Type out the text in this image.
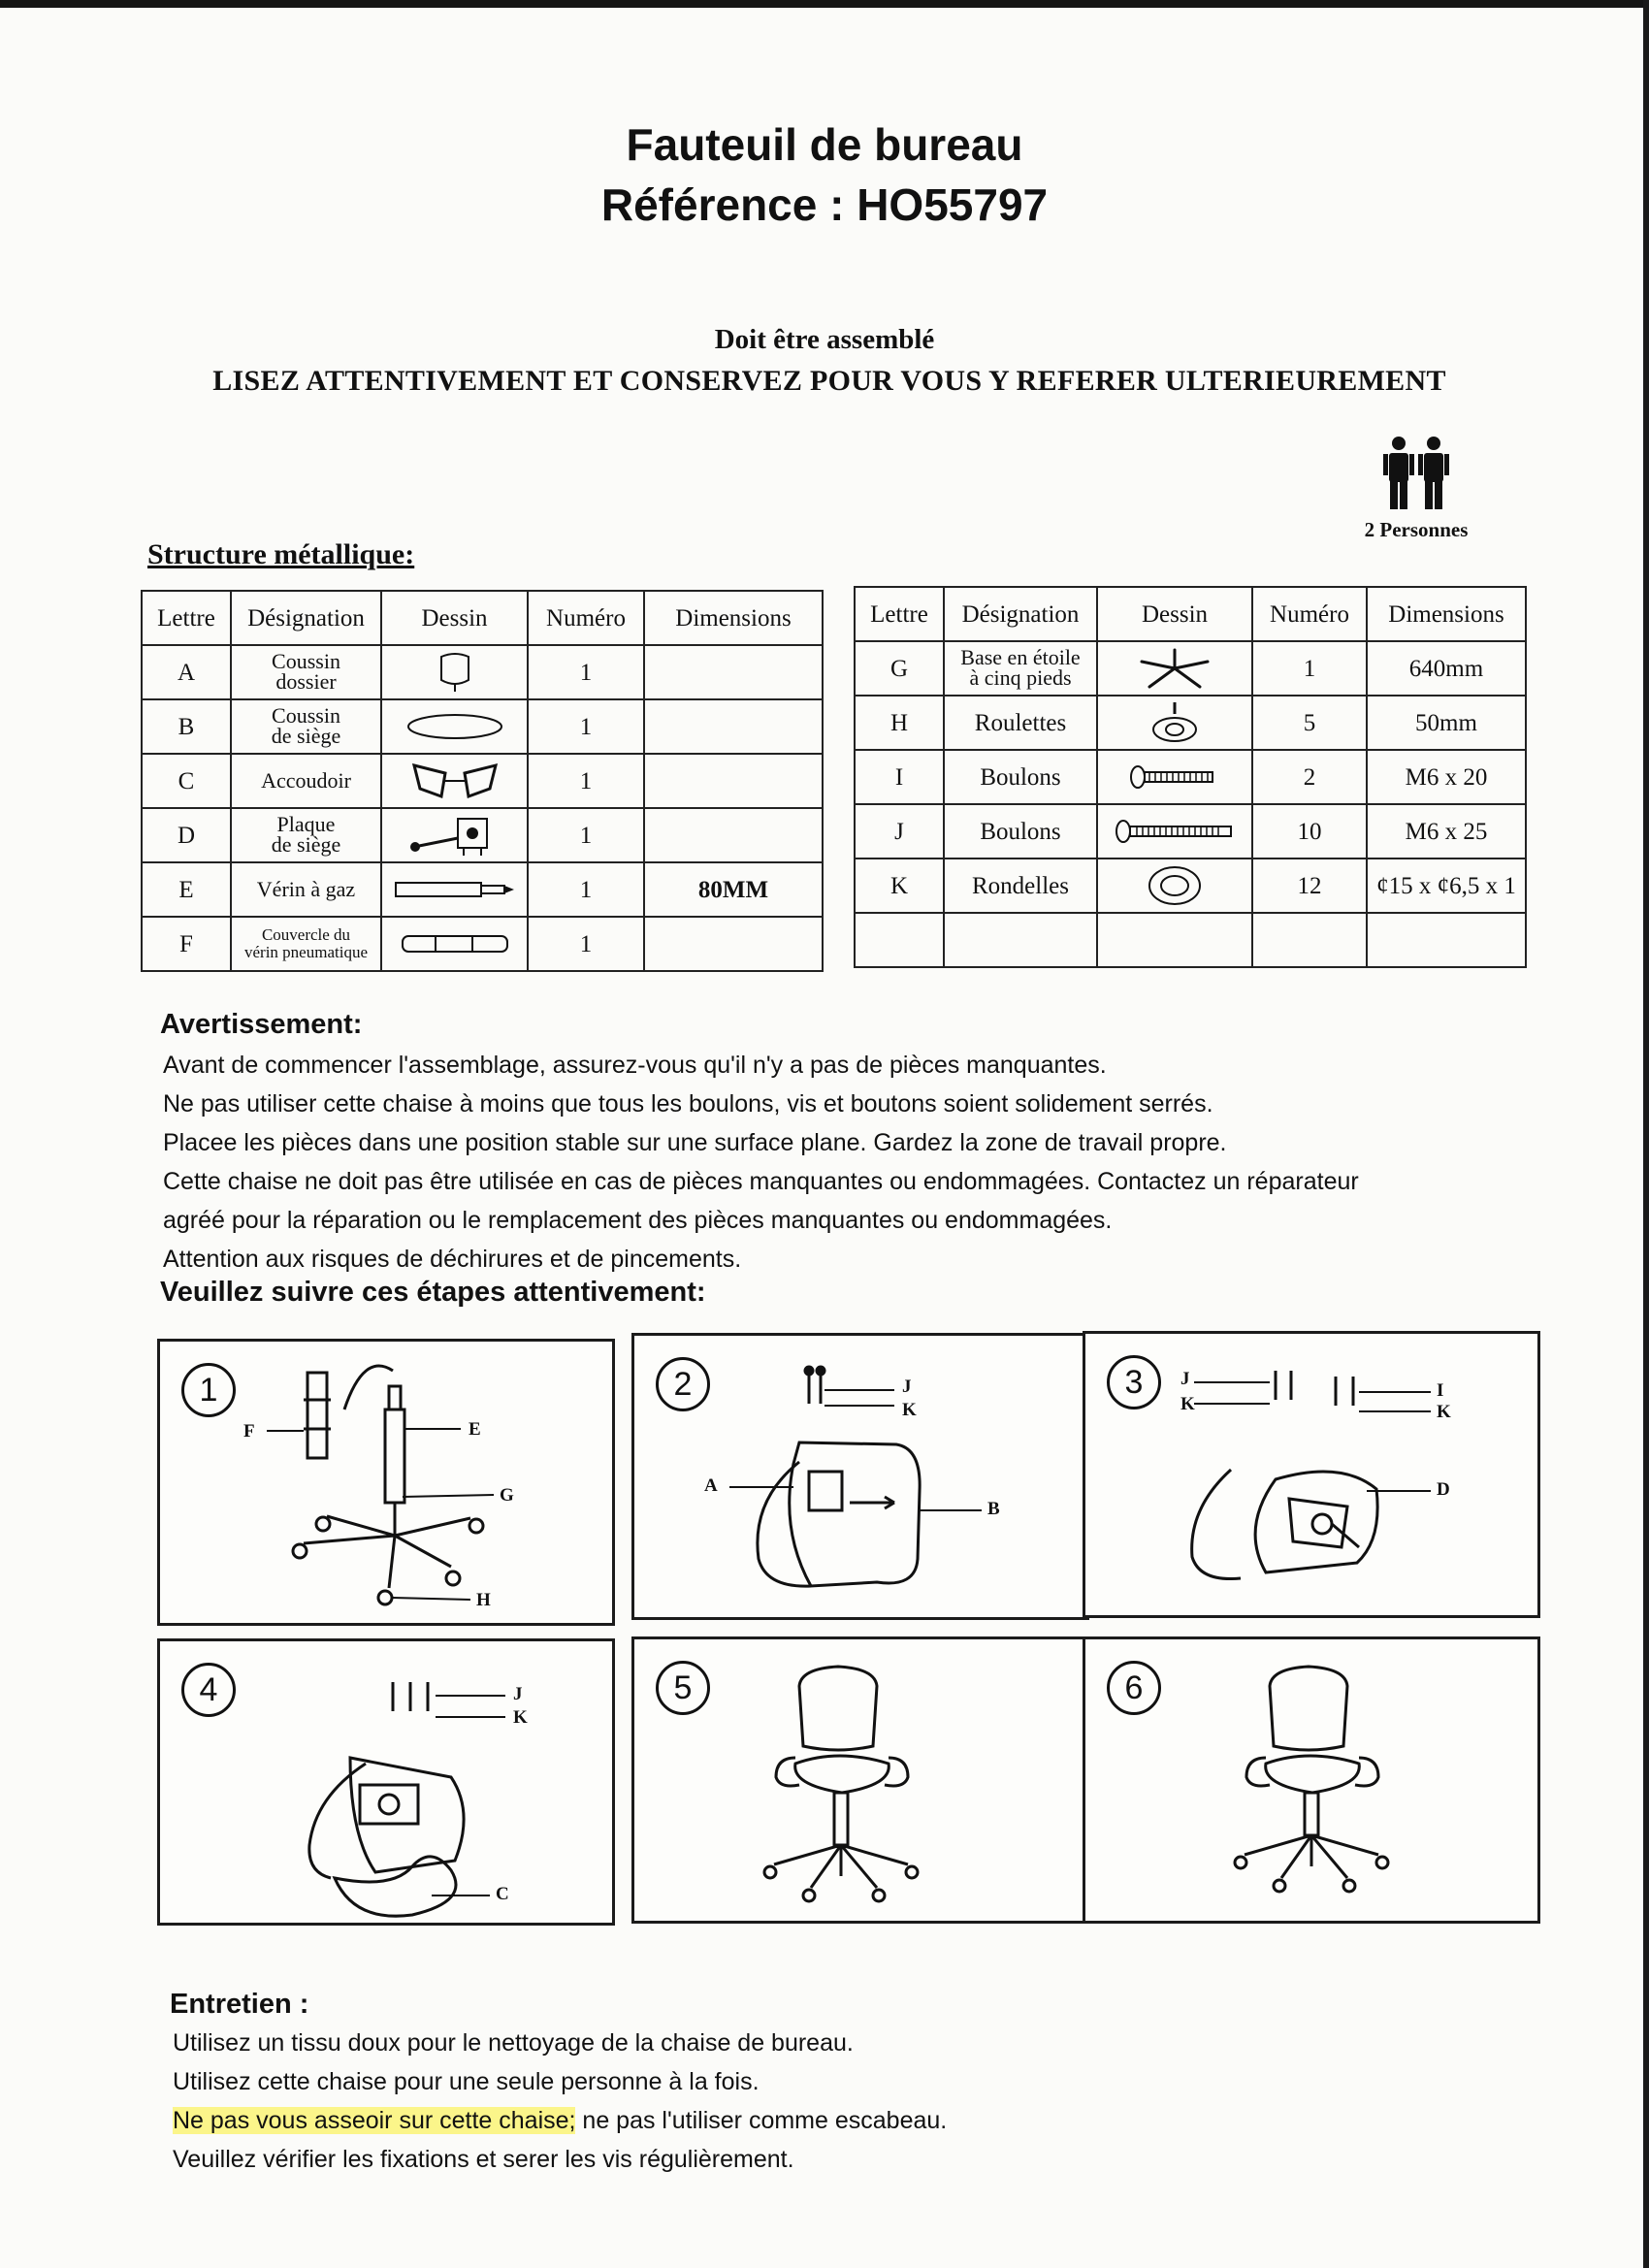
Fauteuil de bureau
Référence : HO55797
Doit être assemblé
LISEZ ATTENTIVEMENT ET CONSERVEZ POUR VOUS Y REFERER ULTERIEUREMENT
2 Personnes
Structure métallique:
Lettre	Désignation	Dessin	Numéro	Dimensions
A	Coussin
dossier		1	
B	Coussin
de siège		1	
C	Accoudoir		1	
D	Plaque
de siège		1	
E	Vérin à gaz		1	80MM
F	Couvercle du
vérin pneumatique		1	
Lettre	Désignation	Dessin	Numéro	Dimensions
G	Base en étoile
à cinq pieds		1	640mm
H	Roulettes		5	50mm
I	Boulons		2	M6 x 20
J	Boulons		10	M6 x 25
K	Rondelles		12	¢15 x ¢6,5 x 1

Avertissement:
Avant de commencer l'assemblage, assurez-vous qu'il n'y a pas de pièces manquantes.
Ne pas utiliser cette chaise à moins que tous les boulons, vis et boutons soient solidement serrés.
Placee les pièces dans une position stable sur une surface plane. Gardez la zone de travail propre.
Cette chaise ne doit pas être utilisée en cas de pièces manquantes ou endommagées. Contactez un réparateur
agréé pour la réparation ou le remplacement des pièces manquantes ou endommagées.
Attention aux risques de déchirures et de pincements.
Veuillez suivre ces étapes attentivement:
1
F	E
G
H
2	J
K
A
B
3	J
K
I
K
D
4	J
K
C
5	6
Entretien :
Utilisez un tissu doux pour le nettoyage de la chaise de bureau.
Utilisez cette chaise pour une seule personne à la fois.
Ne pas vous asseoir sur cette chaise; ne pas l'utiliser comme escabeau.
Veuillez vérifier les fixations et serer les vis régulièrement.
